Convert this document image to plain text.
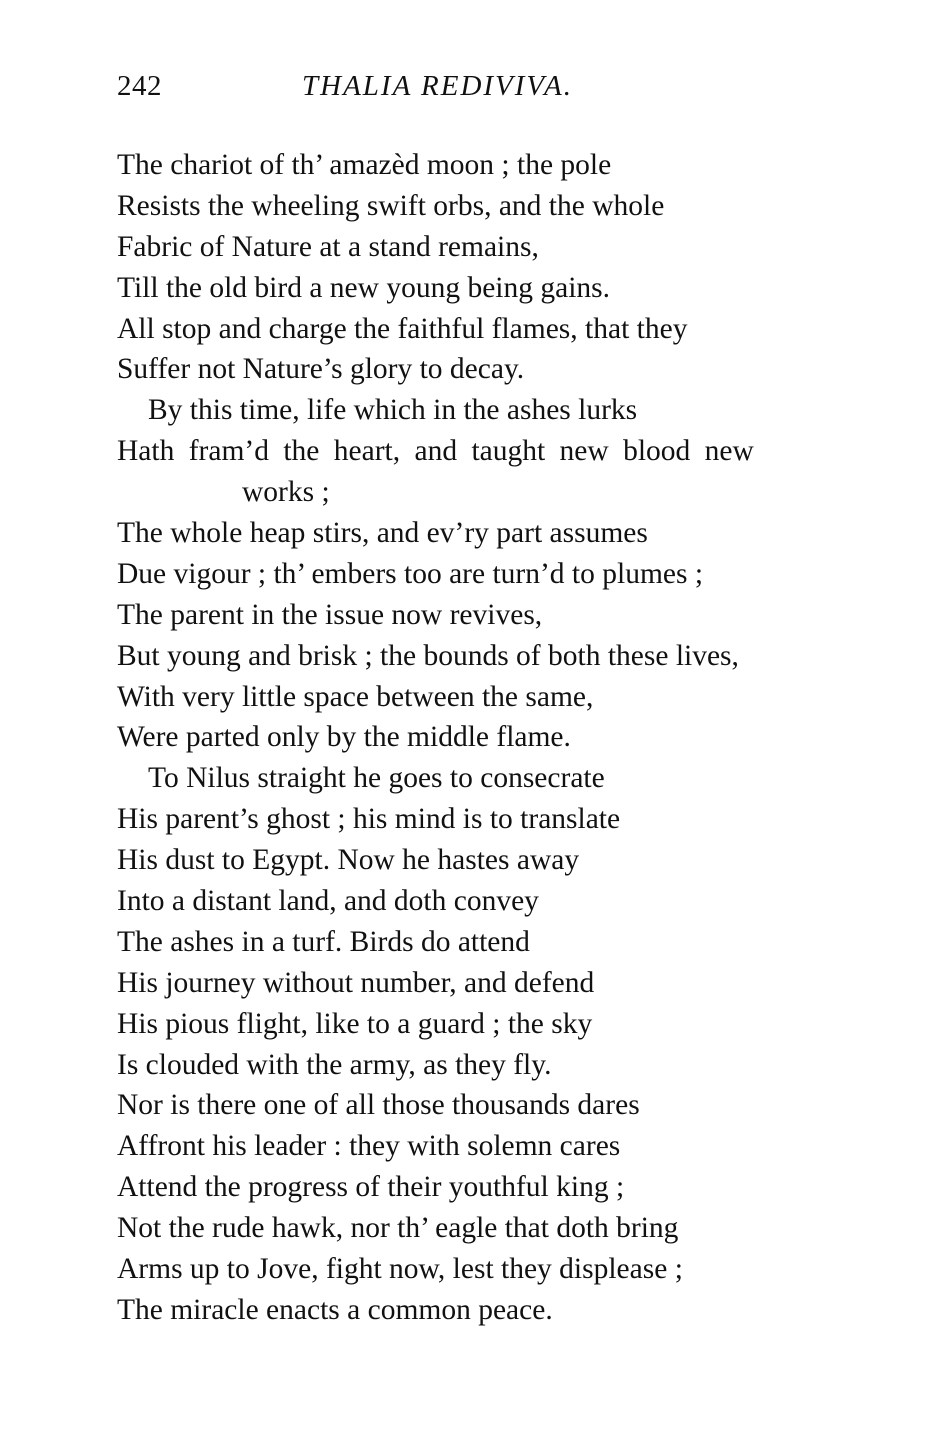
242	THALIA REDIVIVA.
The chariot of th’ amazèd moon ; the pole
Resists the wheeling swift orbs, and the whole
Fabric of Nature at a stand remains,
Till the old bird a new young being gains.
All stop and charge the faithful flames, that they
Suffer not Nature’s glory to decay.
By this time, life which in the ashes lurks
Hath fram’d the heart, and taught new blood new
works ;
The whole heap stirs, and ev’ry part assumes
Due vigour ; th’ embers too are turn’d to plumes ;
The parent in the issue now revives,
But young and brisk ; the bounds of both these lives,
With very little space between the same,
Were parted only by the middle flame.
To Nilus straight he goes to consecrate
His parent’s ghost ; his mind is to translate
His dust to Egypt. Now he hastes away
Into a distant land, and doth convey
The ashes in a turf. Birds do attend
His journey without number, and defend
His pious flight, like to a guard ; the sky
Is clouded with the army, as they fly.
Nor is there one of all those thousands dares
Affront his leader : they with solemn cares
Attend the progress of their youthful king ;
Not the rude hawk, nor th’ eagle that doth bring
Arms up to Jove, fight now, lest they displease ;
The miracle enacts a common peace.
